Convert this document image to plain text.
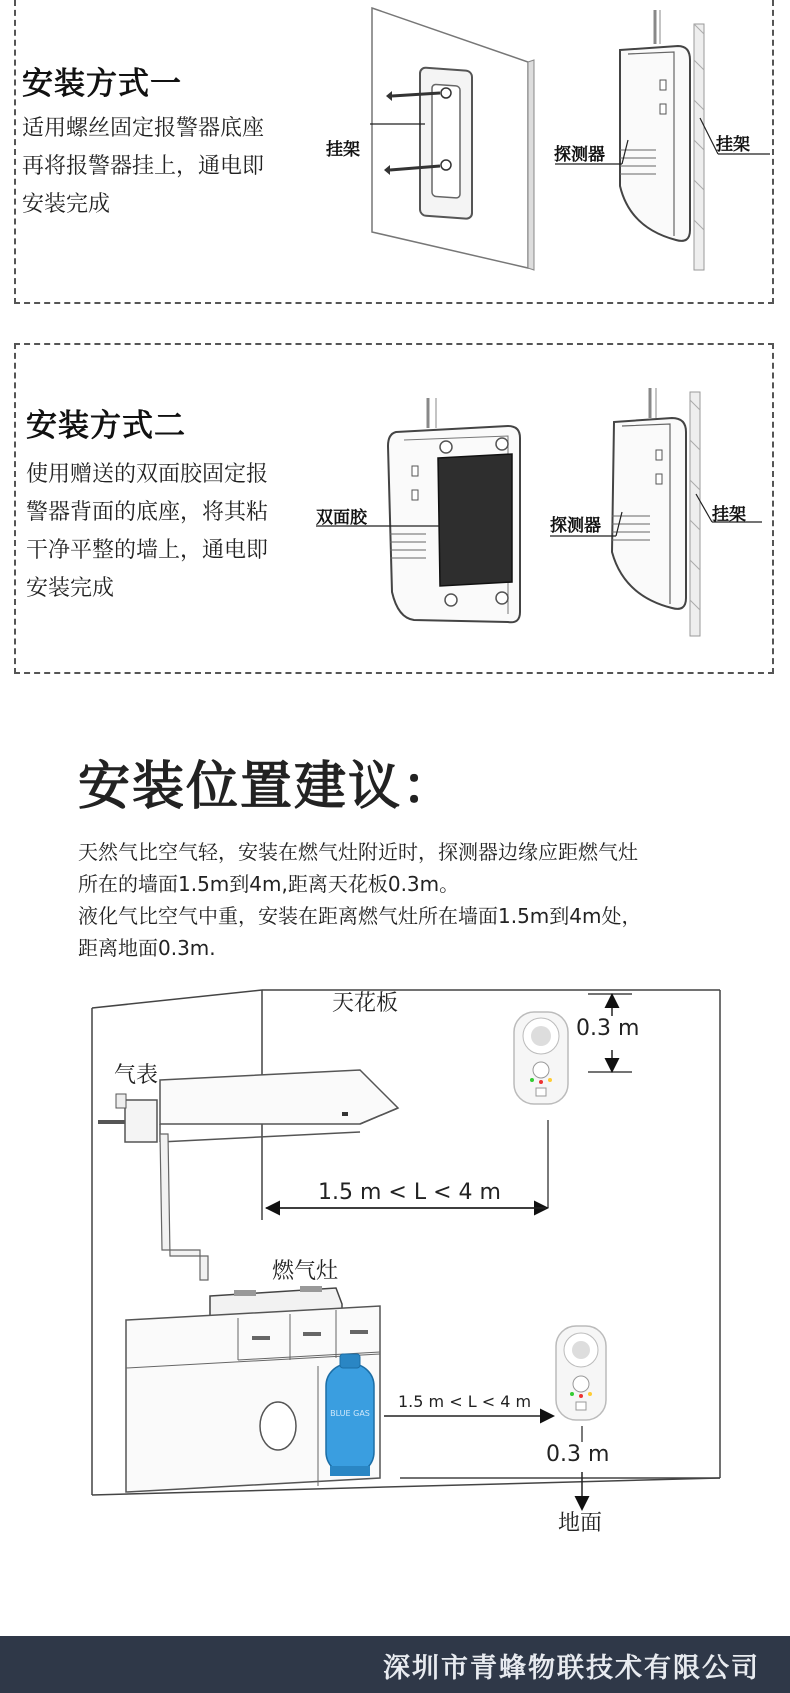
安装方式一
适用螺丝固定报警器底座
再将报警器挂上，通电即
安装完成
挂架	探测器	挂架
安装方式二
使用赠送的双面胶固定报
警器背面的底座，将其粘
干净平整的墙上，通电即
安装完成
双面胶	探测器
挂架
安装位置建议：
天然气比空气轻，安装在燃气灶附近时，探测器边缘应距燃气灶
所在的墙面1.5m到4m,距离天花板0.3m。
液化气比空气中重，安装在距离燃气灶所在墙面1.5m到4m处，
距离地面0.3m.
BLUE GAS
天花板
气表
燃气灶
地面
0.3 m
0.3 m
1.5 m < L < 4 m
1.5 m < L < 4 m
深圳市青蜂物联技术有限公司
